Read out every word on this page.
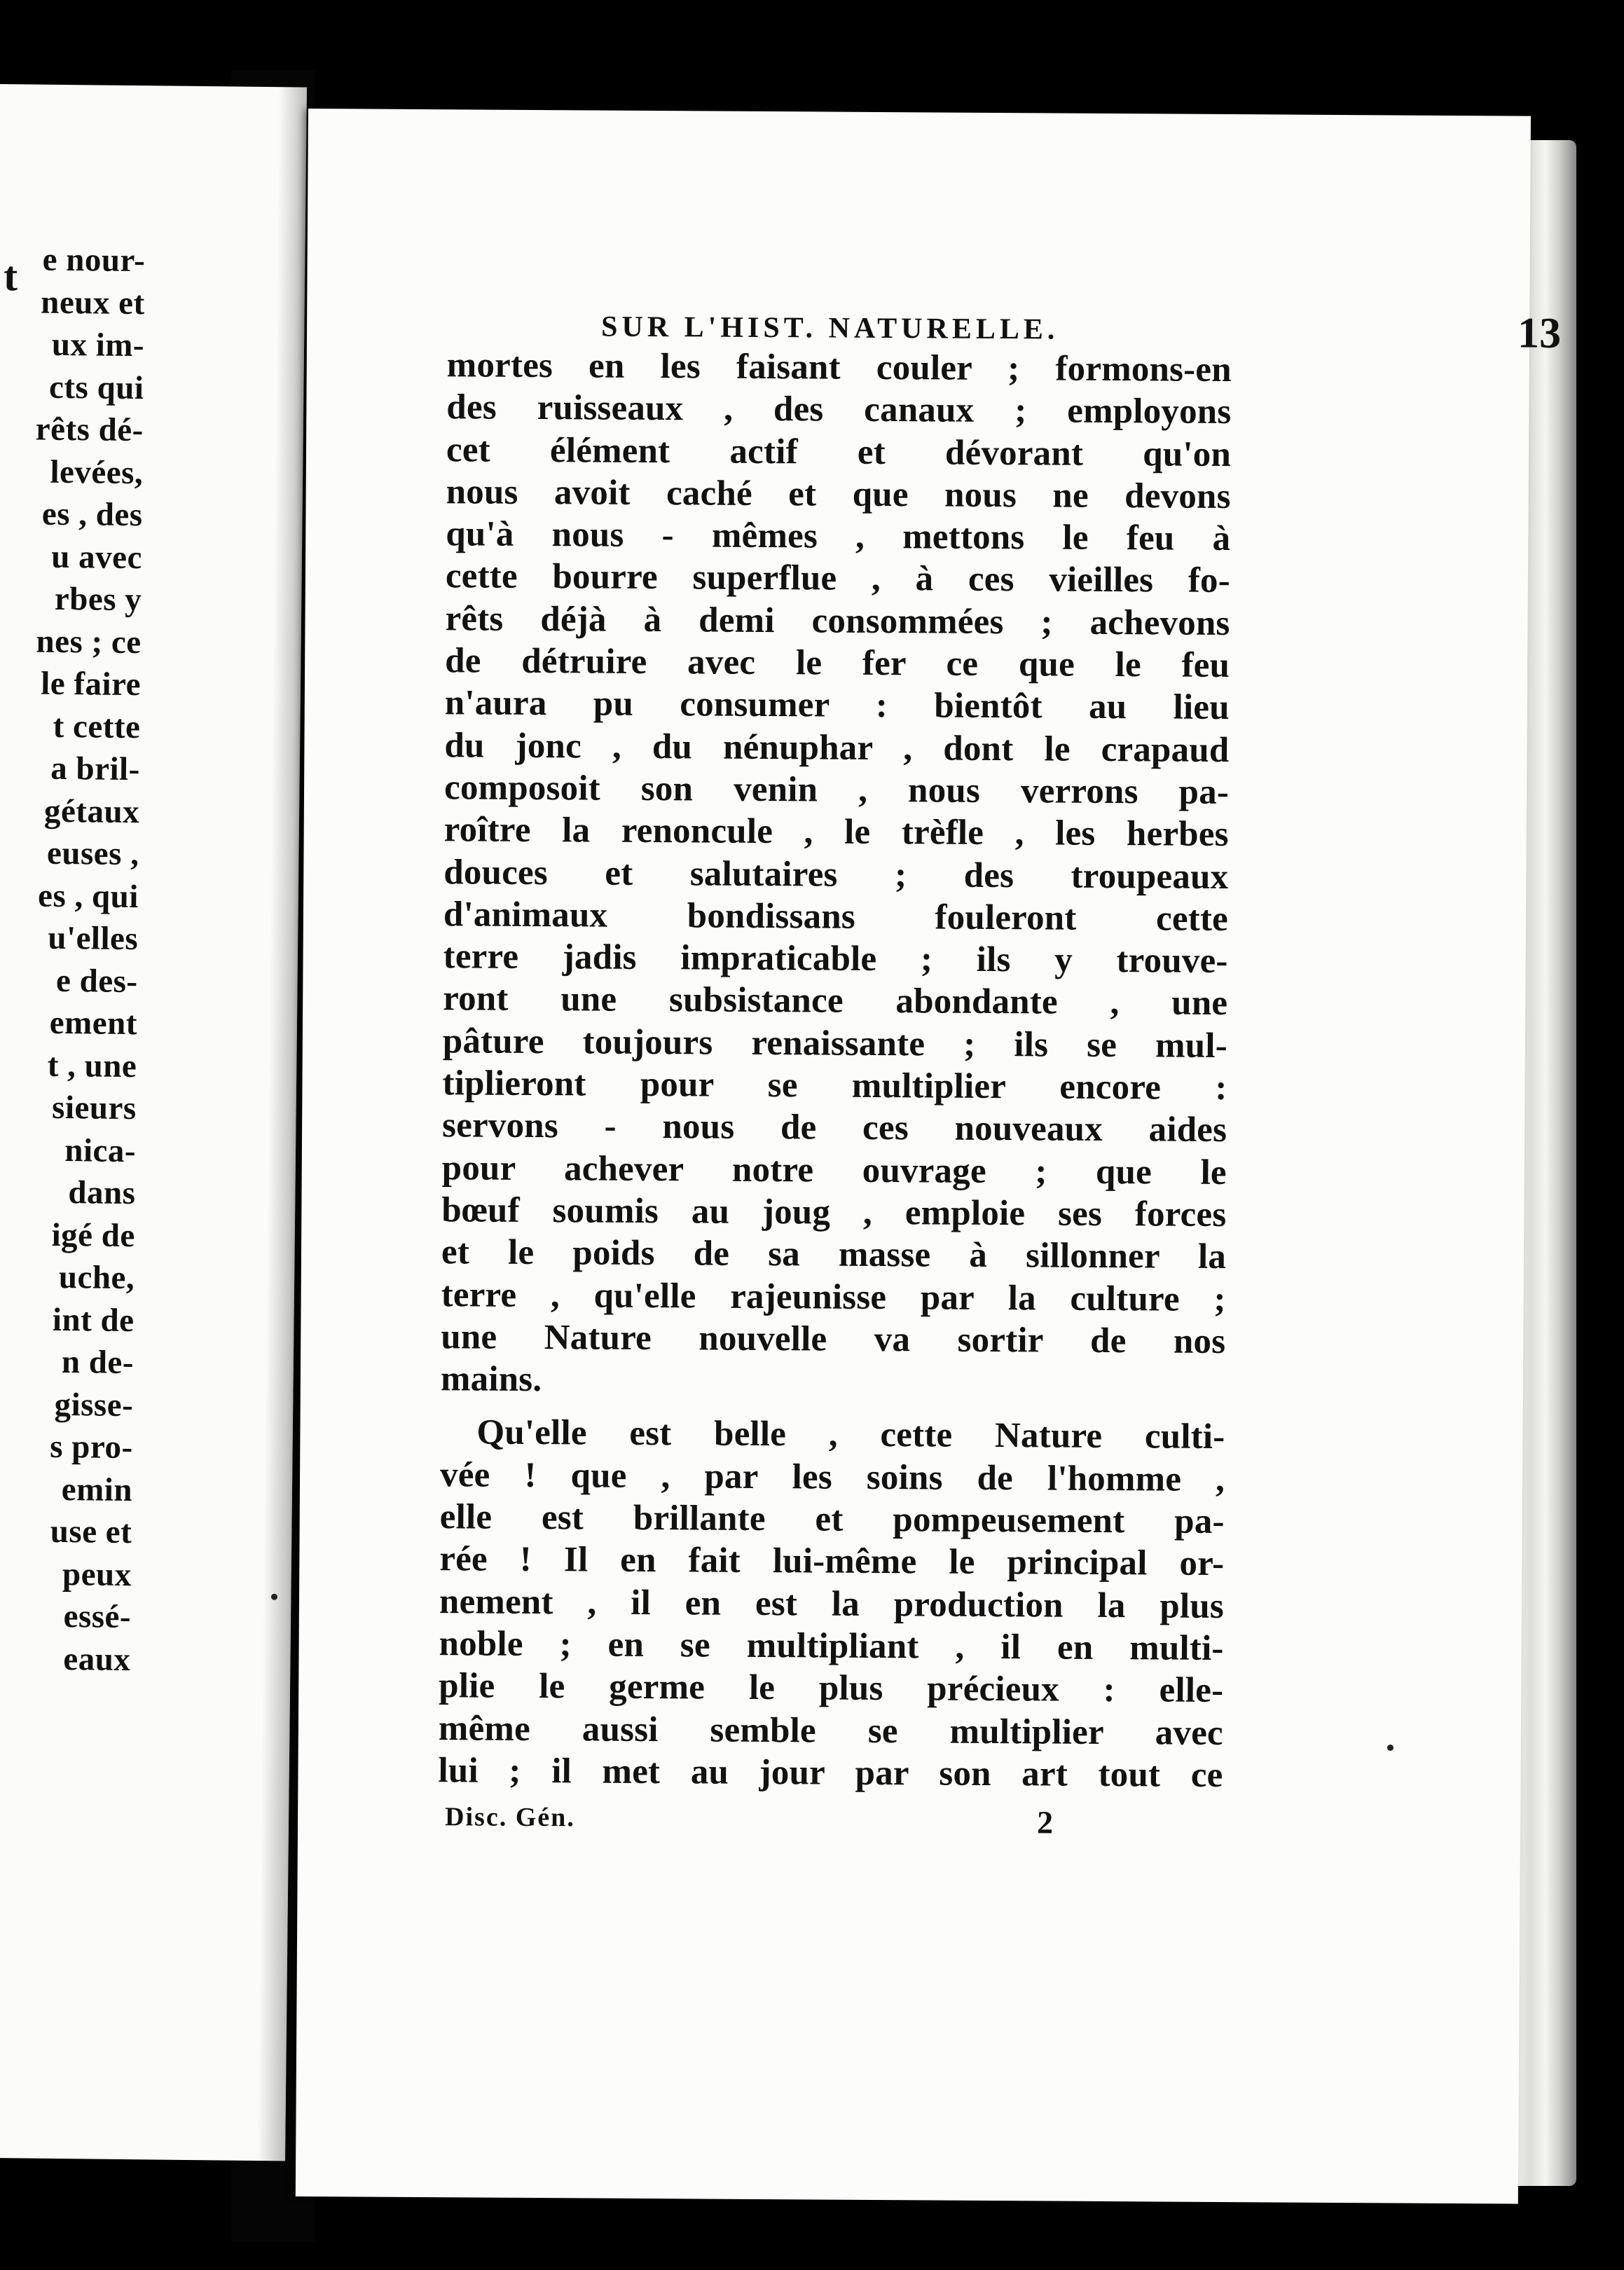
t e nour-
neux et
ux im-
cts qui
rêts dé-
levées,
es , des
u avec
rbes y
nes ; ce
le faire
t cette
a bril-
gétaux
euses ,
es , qui
u'elles
e des-
ement
t , une
sieurs
nica-
dans
igé de
uche,
int de
n de-
gisse-
s pro-
emin
use et
peux
essé-
eaux
SUR L'HIST. NATURELLE.	13
mortes en les faisant couler ; formons-en
des ruisseaux , des canaux ; employons
cet élément actif et dévorant qu'on
nous avoit caché et que nous ne devons
qu'à nous - mêmes , mettons le feu à
cette bourre superflue , à ces vieilles fo-
rêts déjà à demi consommées ; achevons
de détruire avec le fer ce que le feu
n'aura pu consumer : bientôt au lieu
du jonc , du nénuphar , dont le crapaud
composoit son venin , nous verrons pa-
roître la renoncule , le trèfle , les herbes
douces et salutaires ; des troupeaux
d'animaux bondissans fouleront cette
terre jadis impraticable ; ils y trouve-
ront une subsistance abondante , une
pâture toujours renaissante ; ils se mul-
tiplieront pour se multiplier encore :
servons - nous de ces nouveaux aides
pour achever notre ouvrage ; que le
bœuf soumis au joug , emploie ses forces
et le poids de sa masse à sillonner la
terre , qu'elle rajeunisse par la culture ;
une Nature nouvelle va sortir de nos
mains.
Qu'elle est belle , cette Nature culti-
vée ! que , par les soins de l'homme ,
elle est brillante et pompeusement pa-
rée ! Il en fait lui-même le principal or-
nement , il en est la production la plus
noble ; en se multipliant , il en multi-
plie le germe le plus précieux : elle-
même aussi semble se multiplier avec
lui ; il met au jour par son art tout ce
Disc. Gén.	2
